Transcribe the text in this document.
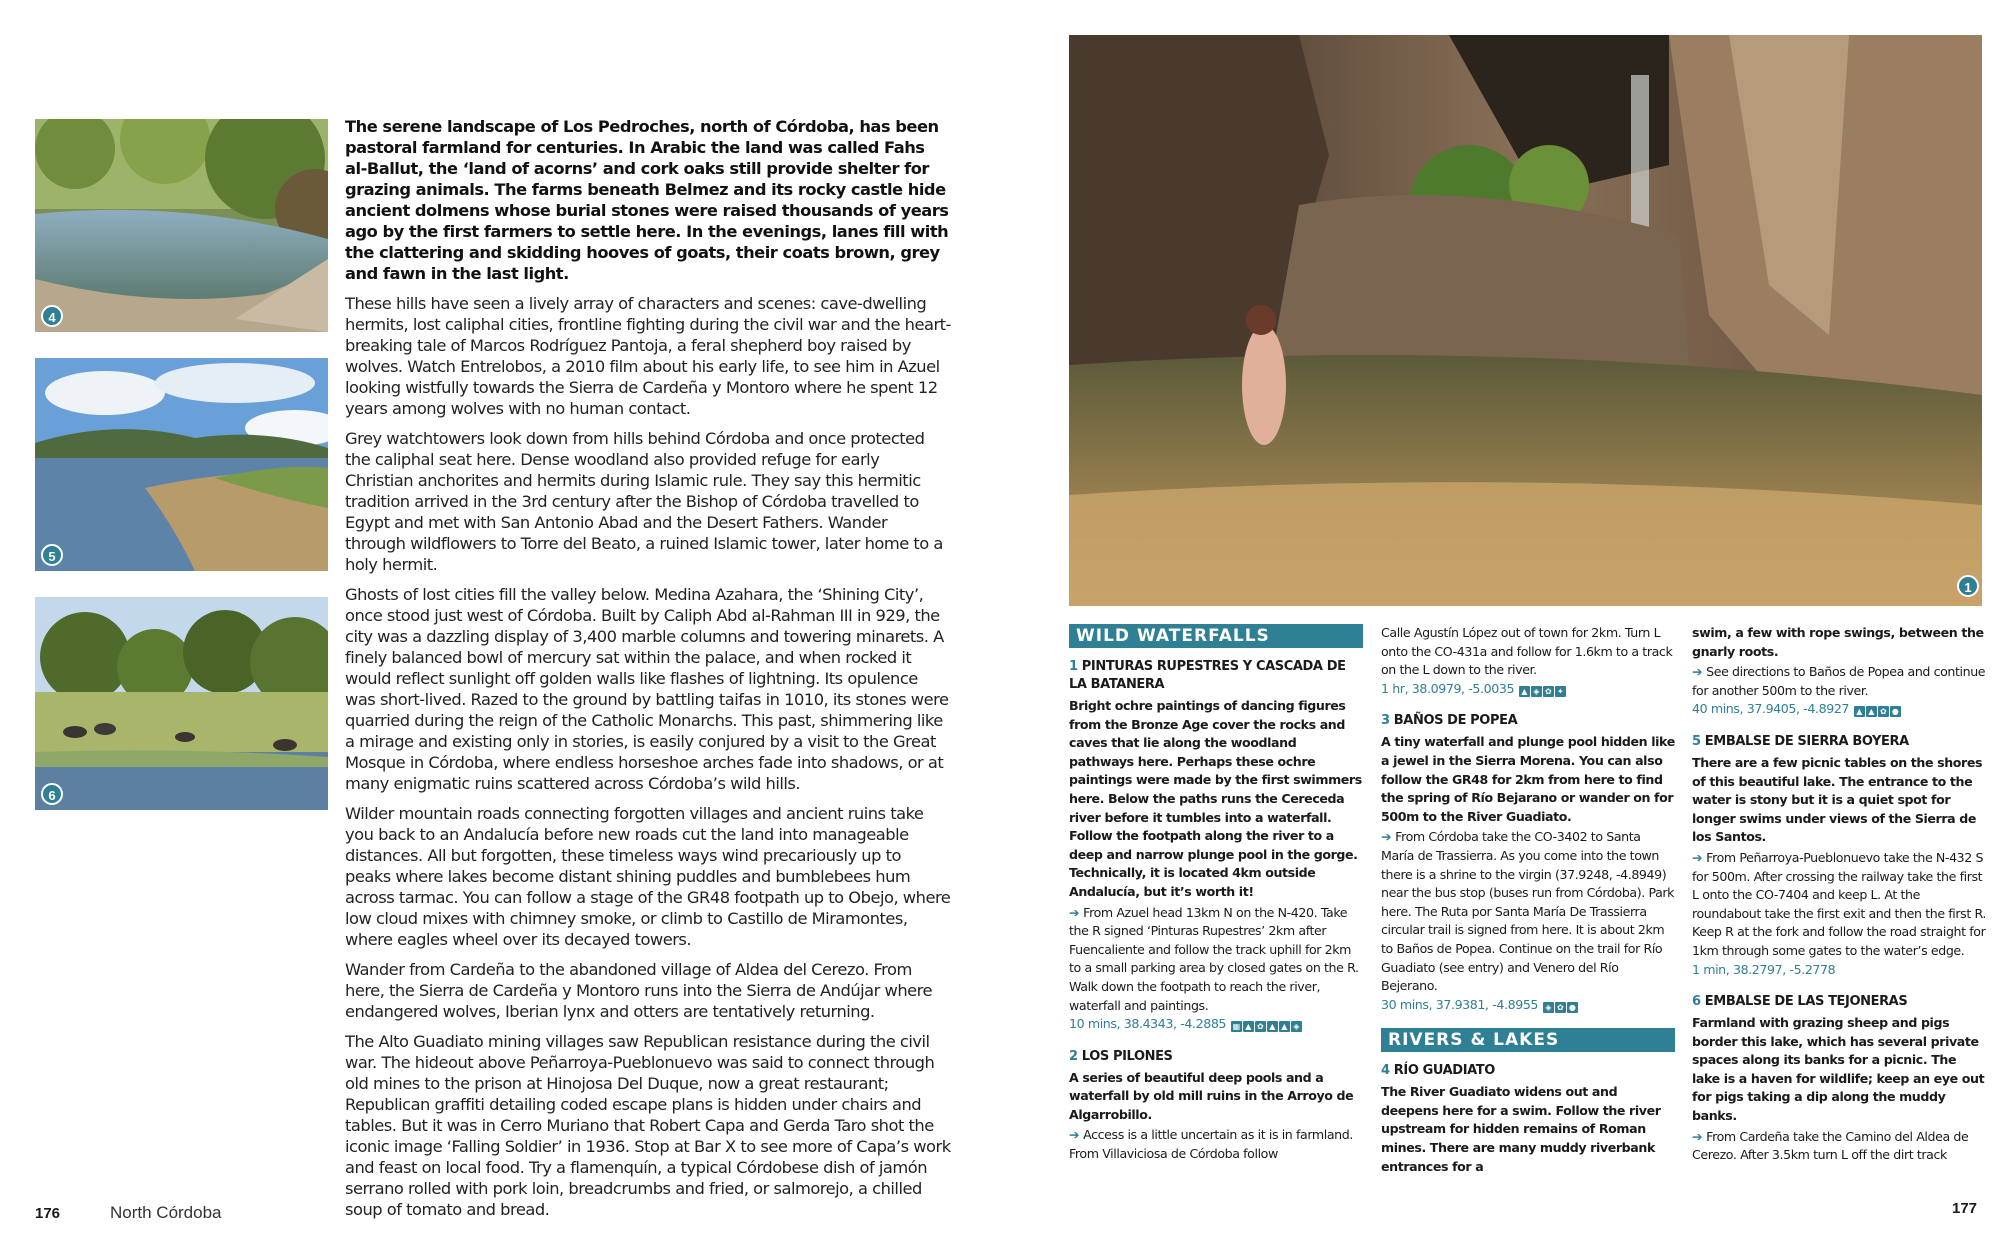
4
5
6

The serene landscape of Los Pedroches, north of Córdoba, has been pastoral farmland for centuries. In Arabic the land was called Fahs al-Ballut, the ‘land of acorns’ and cork oaks still provide shelter for grazing animals. The farms beneath Belmez and its rocky castle hide ancient dolmens whose burial stones were raised thousands of years ago by the first farmers to settle here. In the evenings, lanes fill with the clattering and skidding hooves of goats, their coats brown, grey and fawn in the last light.

These hills have seen a lively array of characters and scenes: cave-dwelling hermits, lost caliphal cities, frontline fighting during the civil war and the heart-breaking tale of Marcos Rodríguez Pantoja, a feral shepherd boy raised by wolves. Watch Entrelobos, a 2010 film about his early life, to see him in Azuel looking wistfully towards the Sierra de Cardeña y Montoro where he spent 12 years among wolves with no human contact.

Grey watchtowers look down from hills behind Córdoba and once protected the caliphal seat here. Dense woodland also provided refuge for early Christian anchorites and hermits during Islamic rule. They say this hermitic tradition arrived in the 3rd century after the Bishop of Córdoba travelled to Egypt and met with San Antonio Abad and the Desert Fathers. Wander through wildflowers to Torre del Beato, a ruined Islamic tower, later home to a holy hermit.

Ghosts of lost cities fill the valley below. Medina Azahara, the ‘Shining City’, once stood just west of Córdoba. Built by Caliph Abd al-Rahman III in 929, the city was a dazzling display of 3,400 marble columns and towering minarets. A finely balanced bowl of mercury sat within the palace, and when rocked it would reflect sunlight off golden walls like flashes of lightning. Its opulence was short-lived. Razed to the ground by battling taifas in 1010, its stones were quarried during the reign of the Catholic Monarchs. This past, shimmering like a mirage and existing only in stories, is easily conjured by a visit to the Great Mosque in Córdoba, where endless horseshoe arches fade into shadows, or at many enigmatic ruins scattered across Córdoba’s wild hills.

Wilder mountain roads connecting forgotten villages and ancient ruins take you back to an Andalucía before new roads cut the land into manageable distances. All but forgotten, these timeless ways wind precariously up to peaks where lakes become distant shining puddles and bumblebees hum across tarmac. You can follow a stage of the GR48 footpath up to Obejo, where low cloud mixes with chimney smoke, or climb to Castillo de Miramontes, where eagles wheel over its decayed towers.

Wander from Cardeña to the abandoned village of Aldea del Cerezo. From here, the Sierra de Cardeña y Montoro runs into the Sierra de Andújar where endangered wolves, Iberian lynx and otters are tentatively returning.

The Alto Guadiato mining villages saw Republican resistance during the civil war. The hideout above Peñarroya-Pueblonuevo was said to connect through old mines to the prison at Hinojosa Del Duque, now a great restaurant; Republican graffiti detailing coded escape plans is hidden under chairs and tables. But it was in Cerro Muriano that Robert Capa and Gerda Taro shot the iconic image ‘Falling Soldier’ in 1936. Stop at Bar X to see more of Capa’s work and feast on local food. Try a flamenquín, a typical Córdobese dish of jamón serrano rolled with pork loin, breadcrumbs and fried, or salmorejo, a chilled soup of tomato and bread.

176	North Córdoba
1
WILD WATERFALLS
1 PINTURAS RUPESTRES Y CASCADA DE LA BATANERA

Bright ochre paintings of dancing figures from the Bronze Age cover the rocks and caves that lie along the woodland pathways here. Perhaps these ochre paintings were made by the first swimmers here. Below the paths runs the Cereceda river before it tumbles into a waterfall. Follow the footpath along the river to a deep and narrow plunge pool in the gorge. Technically, it is located 4km outside Andalucía, but it’s worth it!

➔ From Azuel head 13km N on the N-420. Take the R signed ‘Pinturas Rupestres’ 2km after Fuencaliente and follow the track uphill for 2km to a small parking area by closed gates on the R. Walk down the footpath to reach the river, waterfall and paintings.

10 mins, 38.4343, -4.2885 ▦ ▲ ✿ ▲ ▲ ◈

2 LOS PILONES

A series of beautiful deep pools and a waterfall by old mill ruins in the Arroyo de Algarrobillo.

➔ Access is a little uncertain as it is in farmland. From Villaviciosa de Córdoba follow

Calle Agustín López out of town for 2km. Turn L onto the CO-431a and follow for 1.6km to a track on the L down to the river.

1 hr, 38.0979, -5.0035 ▲ ◈ ✿ ✦

3 BAÑOS DE POPEA

A tiny waterfall and plunge pool hidden like a jewel in the Sierra Morena. You can also follow the GR48 for 2km from here to find the spring of Río Bejarano or wander on for 500m to the River Guadiato.

➔ From Córdoba take the CO-3402 to Santa María de Trassierra. As you come into the town there is a shrine to the virgin (37.9248, -4.8949) near the bus stop (buses run from Córdoba). Park here. The Ruta por Santa María De Trassierra circular trail is signed from here. It is about 2km to Baños de Popea. Continue on the trail for Río Guadiato (see entry) and Venero del Río Bejerano.

30 mins, 37.9381, -4.8955 ◈ ✿ ●

RIVERS & LAKES
4 RÍO GUADIATO

The River Guadiato widens out and deepens here for a swim. Follow the river upstream for hidden remains of Roman mines. There are many muddy riverbank entrances for a

swim, a few with rope swings, between the gnarly roots.

➔ See directions to Baños de Popea and continue for another 500m to the river.

40 mins, 37.9405, -4.8927 ▲ ▲ ✿ ●

5 EMBALSE DE SIERRA BOYERA

There are a few picnic tables on the shores of this beautiful lake. The entrance to the water is stony but it is a quiet spot for longer swims under views of the Sierra de los Santos.

➔ From Peñarroya-Pueblonuevo take the N-432 S for 500m. After crossing the railway take the first L onto the CO-7404 and keep L. At the roundabout take the first exit and then the first R. Keep R at the fork and follow the road straight for 1km through some gates to the water’s edge.

1 min, 38.2797, -5.2778

6 EMBALSE DE LAS TEJONERAS

Farmland with grazing sheep and pigs border this lake, which has several private spaces along its banks for a picnic. The lake is a haven for wildlife; keep an eye out for pigs taking a dip along the muddy banks.

➔ From Cardeña take the Camino del Aldea de Cerezo. After 3.5km turn L off the dirt track

177
